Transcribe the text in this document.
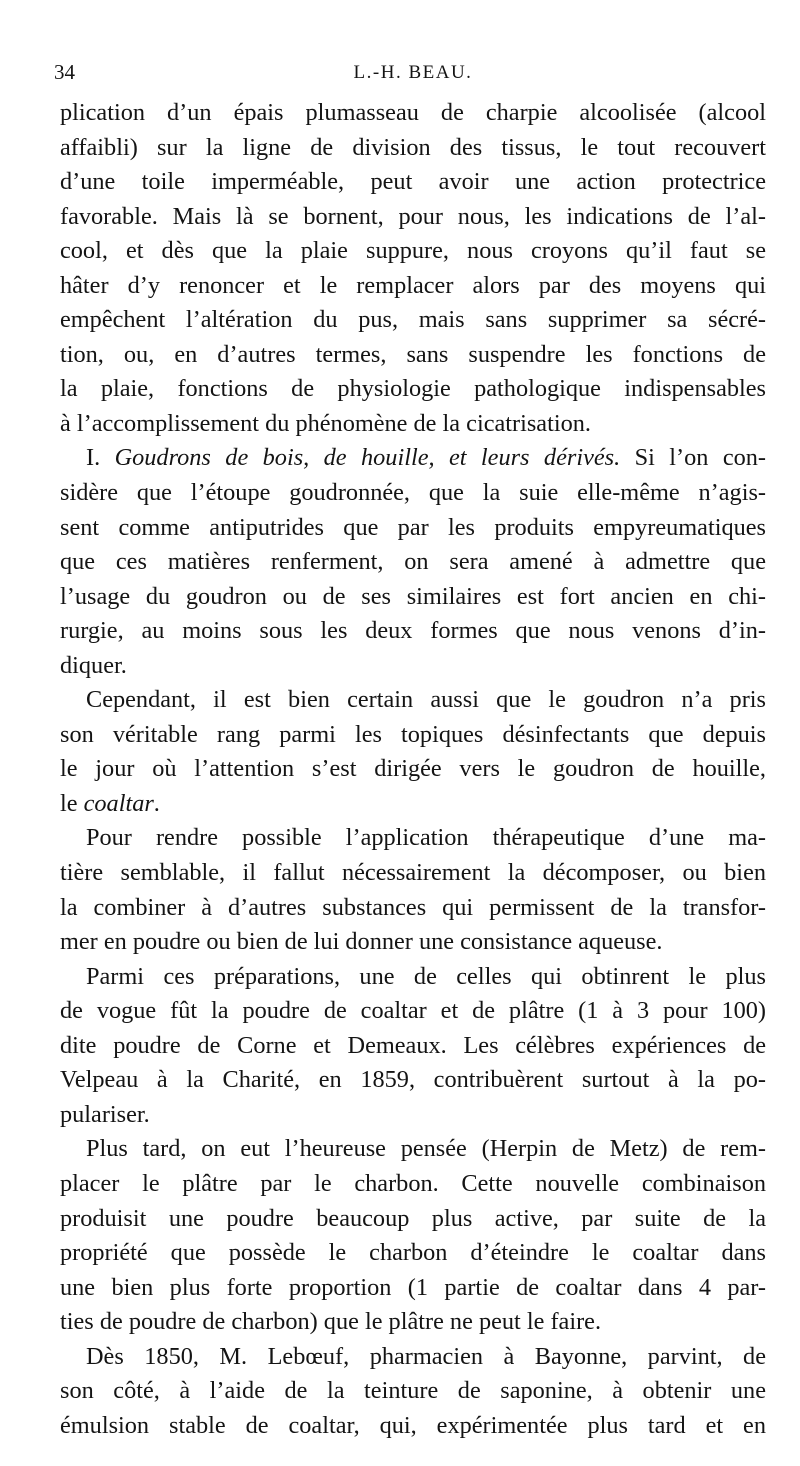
34	L.-H. BEAU.
plication d’un épais plumasseau de charpie alcoolisée (alcool
affaibli) sur la ligne de division des tissus, le tout recouvert
d’une toile imperméable, peut avoir une action protectrice
favorable. Mais là se bornent, pour nous, les indications de l’al-
cool, et dès que la plaie suppure, nous croyons qu’il faut se
hâter d’y renoncer et le remplacer alors par des moyens qui
empêchent l’altération du pus, mais sans supprimer sa sécré-
tion, ou, en d’autres termes, sans suspendre les fonctions de
la plaie, fonctions de physiologie pathologique indispensables
à l’accomplissement du phénomène de la cicatrisation.
I. Goudrons de bois, de houille, et leurs dérivés. Si l’on con-
sidère que l’étoupe goudronnée, que la suie elle-même n’agis-
sent comme antiputrides que par les produits empyreumatiques
que ces matières renferment, on sera amené à admettre que
l’usage du goudron ou de ses similaires est fort ancien en chi-
rurgie, au moins sous les deux formes que nous venons d’in-
diquer.
Cependant, il est bien certain aussi que le goudron n’a pris
son véritable rang parmi les topiques désinfectants que depuis
le jour où l’attention s’est dirigée vers le goudron de houille,
le coaltar.
Pour rendre possible l’application thérapeutique d’une ma-
tière semblable, il fallut nécessairement la décomposer, ou bien
la combiner à d’autres substances qui permissent de la transfor-
mer en poudre ou bien de lui donner une consistance aqueuse.
Parmi ces préparations, une de celles qui obtinrent le plus
de vogue fût la poudre de coaltar et de plâtre (1 à 3 pour 100)
dite poudre de Corne et Demeaux. Les célèbres expériences de
Velpeau à la Charité, en 1859, contribuèrent surtout à la po-
pulariser.
Plus tard, on eut l’heureuse pensée (Herpin de Metz) de rem-
placer le plâtre par le charbon. Cette nouvelle combinaison
produisit une poudre beaucoup plus active, par suite de la
propriété que possède le charbon d’éteindre le coaltar dans
une bien plus forte proportion (1 partie de coaltar dans 4 par-
ties de poudre de charbon) que le plâtre ne peut le faire.
Dès 1850, M. Lebœuf, pharmacien à Bayonne, parvint, de
son côté, à l’aide de la teinture de saponine, à obtenir une
émulsion stable de coaltar, qui, expérimentée plus tard et en
